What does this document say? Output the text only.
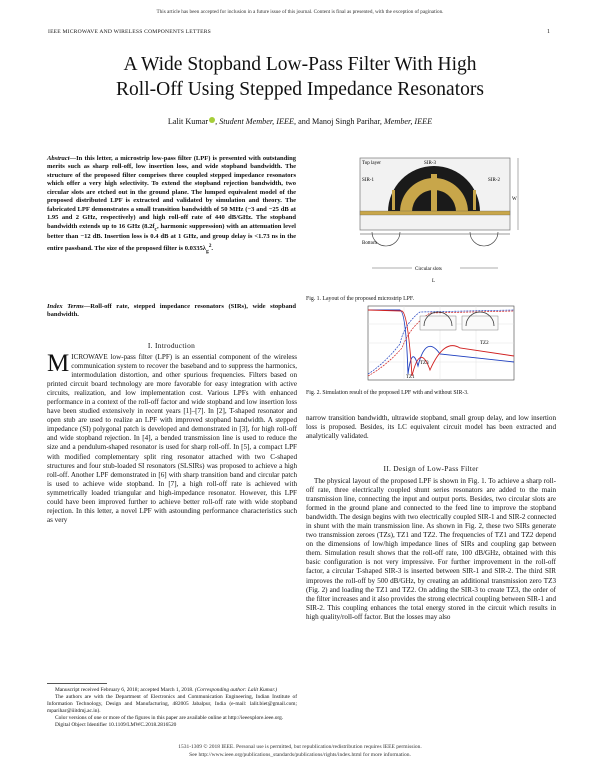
This article has been accepted for inclusion in a future issue of this journal. Content is final as presented, with the exception of pagination.
IEEE MICROWAVE AND WIRELESS COMPONENTS LETTERS	1
A Wide Stopband Low-Pass Filter With High
Roll-Off Using Stepped Impedance Resonators
Lalit Kumar , Student Member, IEEE, and Manoj Singh Parihar, Member, IEEE
Abstract—In this letter, a microstrip low-pass filter (LPF) is presented with outstanding merits such as sharp roll-off, low insertion loss, and wide stopband bandwidth. The structure of the proposed filter comprises three coupled stepped impedance resonators which offer a very high selectivity. To extend the stopband rejection bandwidth, two circular slots are etched out in the ground plane. The lumped equivalent model of the proposed distributed LPF is extracted and validated by simulation and theory. The fabricated LPF demonstrates a small transition bandwidth of 50 MHz (−3 and −25 dB at 1.95 and 2 GHz, respectively) and high roll-off rate of 440 dB/GHz. The stopband bandwidth extends up to 16 GHz ($8.2f_c$, harmonic suppression) with an attenuation level better than −12 dB. Insertion loss is 0.4 dB at 1 GHz, and group delay is <1.73 ns in the entire passband. The size of the proposed filter is $0.0335\lambda_g^2$.
Index Terms—Roll-off rate, stepped impedance resonators (SIRs), wide stopband bandwidth.
I. Introduction
MICROWAVE low-pass filter (LPF) is an essential component of the wireless communication system to recover the baseband and to suppress the harmonics, intermodulation distortion, and other spurious frequencies. Filters based on printed circuit board technology are more favorable for easy integration with active circuits, realization, and low implementation cost. Various LPFs with enhanced performance in a context of the roll-off factor and wide stopband and low insertion loss have been studied extensively in recent years [1]–[7]. In [2], T-shaped resonator and open stub are used to realize an LPF with improved stopband bandwidth. A stepped impedance (SI) polygonal patch is developed and demonstrated in [3], for high roll-off and wide stopband rejection. In [4], a bended transmission line is used to reduce the size and a pendulum-shaped resonator is used for sharp roll-off. In [5], a compact LPF with modified complementary split ring resonator attached with two C-shaped structures and four stub-loaded SI resonators (SLSIRs) was proposed to achieve a high roll-off. Another LPF demonstrated in [6] with sharp transition band and circular patch is used to achieve wide stopband. In [7], a high roll-off rate is achieved with symmetrically loaded triangular and high-impedance resonator. However, this LPF could have been improved further to achieve better roll-off rate with wide stopband rejection. In this letter, a novel LPF with astounding performance characteristics such as very
Manuscript received February 6, 2018; accepted March 1, 2018. (Corresponding author: Lalit Kumar.)
The authors are with the Department of Electronics and Communication Engineering, Indian Institute of Information Technology, Design and Manufacturing, 482005 Jabalpur, India (e-mail: lalit.biet@gmail.com; mparihar@iiitdmj.ac.in).
Color versions of one or more of the figures in this paper are available online at http://ieeexplore.ieee.org.
Digital Object Identifier 10.1109/LMWC.2018.2816520
Top layer
SIR-1	SIR-2
SIR-3
Bottom
Circular slots
W
L
Fig. 1. Layout of the proposed microstrip LPF.
TZ1
TZ2
TZ3
Fig. 2. Simulation result of the proposed LPF with and without SIR-3.
narrow transition bandwidth, ultrawide stopband, small group delay, and low insertion loss is proposed. Besides, its LC equivalent circuit model has been extracted and analytically validated.
II. Design of Low-Pass Filter
The physical layout of the proposed LPF is shown in Fig. 1. To achieve a sharp roll-off rate, three electrically coupled shunt series resonators are added to the main transmission line, connecting the input and output ports. Besides, two circular slots are formed in the ground plane and connected to the feed line to improve the stopband bandwidth. The design begins with two electrically coupled SIR-1 and SIR-2 connected in shunt with the main transmission line. As shown in Fig. 2, these two SIRs generate two transmission zeroes (TZs), TZ1 and TZ2. The frequencies of TZ1 and TZ2 depend on the dimensions of low/high impedance lines of SIRs and coupling gap between them. Simulation result shows that the roll-off rate, 100 dB/GHz, obtained with this basic configuration is not very impressive. For further improvement in the roll-off factor, a circular T-shaped SIR-3 is inserted between SIR-1 and SIR-2. The third SIR improves the roll-off by 500 dB/GHz, by creating an additional transmission zero TZ3 (Fig. 2) and loading the TZ1 and TZ2. On adding the SIR-3 to create TZ3, the order of the filter increases and it also provides the strong electrical coupling between SIR-1 and SIR-2. This coupling enhances the total energy stored in the circuit which results in high quality/roll-off factor. But the losses may also
1531-1309 © 2018 IEEE. Personal use is permitted, but republication/redistribution requires IEEE permission.
See http://www.ieee.org/publications_standards/publications/rights/index.html for more information.
